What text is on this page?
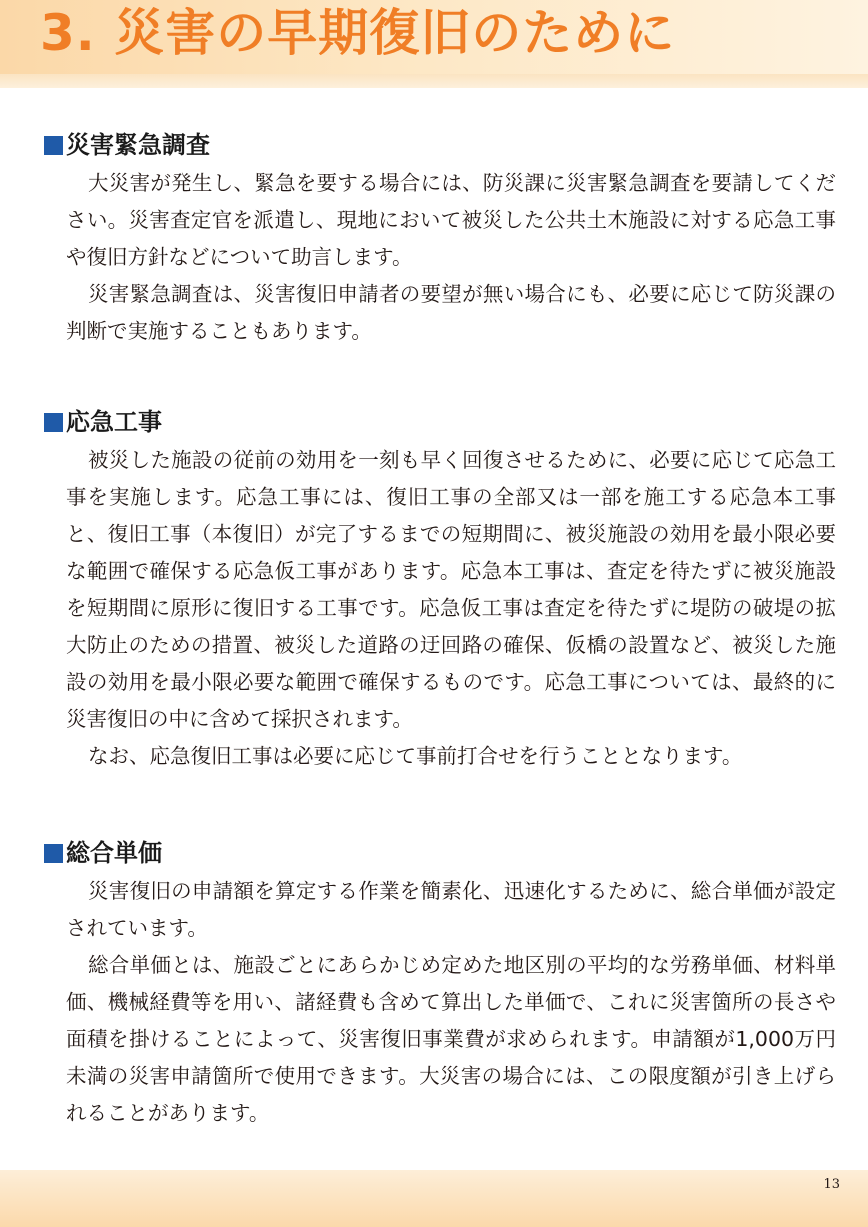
3. 災害の早期復旧のために
災害緊急調査

大災害が発生し、緊急を要する場合には、防災課に災害緊急調査を要請してください。災害査定官を派遣し、現地において被災した公共土木施設に対する応急工事や復旧方針などについて助言します。

災害緊急調査は、災害復旧申請者の要望が無い場合にも、必要に応じて防災課の判断で実施することもあります。

応急工事

被災した施設の従前の効用を一刻も早く回復させるために、必要に応じて応急工事を実施します。応急工事には、復旧工事の全部又は一部を施工する応急本工事と、復旧工事（本復旧）が完了するまでの短期間に、被災施設の効用を最小限必要な範囲で確保する応急仮工事があります。応急本工事は、査定を待たずに被災施設を短期間に原形に復旧する工事です。応急仮工事は査定を待たずに堤防の破堤の拡大防止のための措置、被災した道路の迂回路の確保、仮橋の設置など、被災した施設の効用を最小限必要な範囲で確保するものです。応急工事については、最終的に災害復旧の中に含めて採択されます。

なお、応急復旧工事は必要に応じて事前打合せを行うこととなります。

総合単価

災害復旧の申請額を算定する作業を簡素化、迅速化するために、総合単価が設定されています。

総合単価とは、施設ごとにあらかじめ定めた地区別の平均的な労務単価、材料単価、機械経費等を用い、諸経費も含めて算出した単価で、これに災害箇所の長さや面積を掛けることによって、災害復旧事業費が求められます。申請額が1,000万円未満の災害申請箇所で使用できます。大災害の場合には、この限度額が引き上げられることがあります。

13
